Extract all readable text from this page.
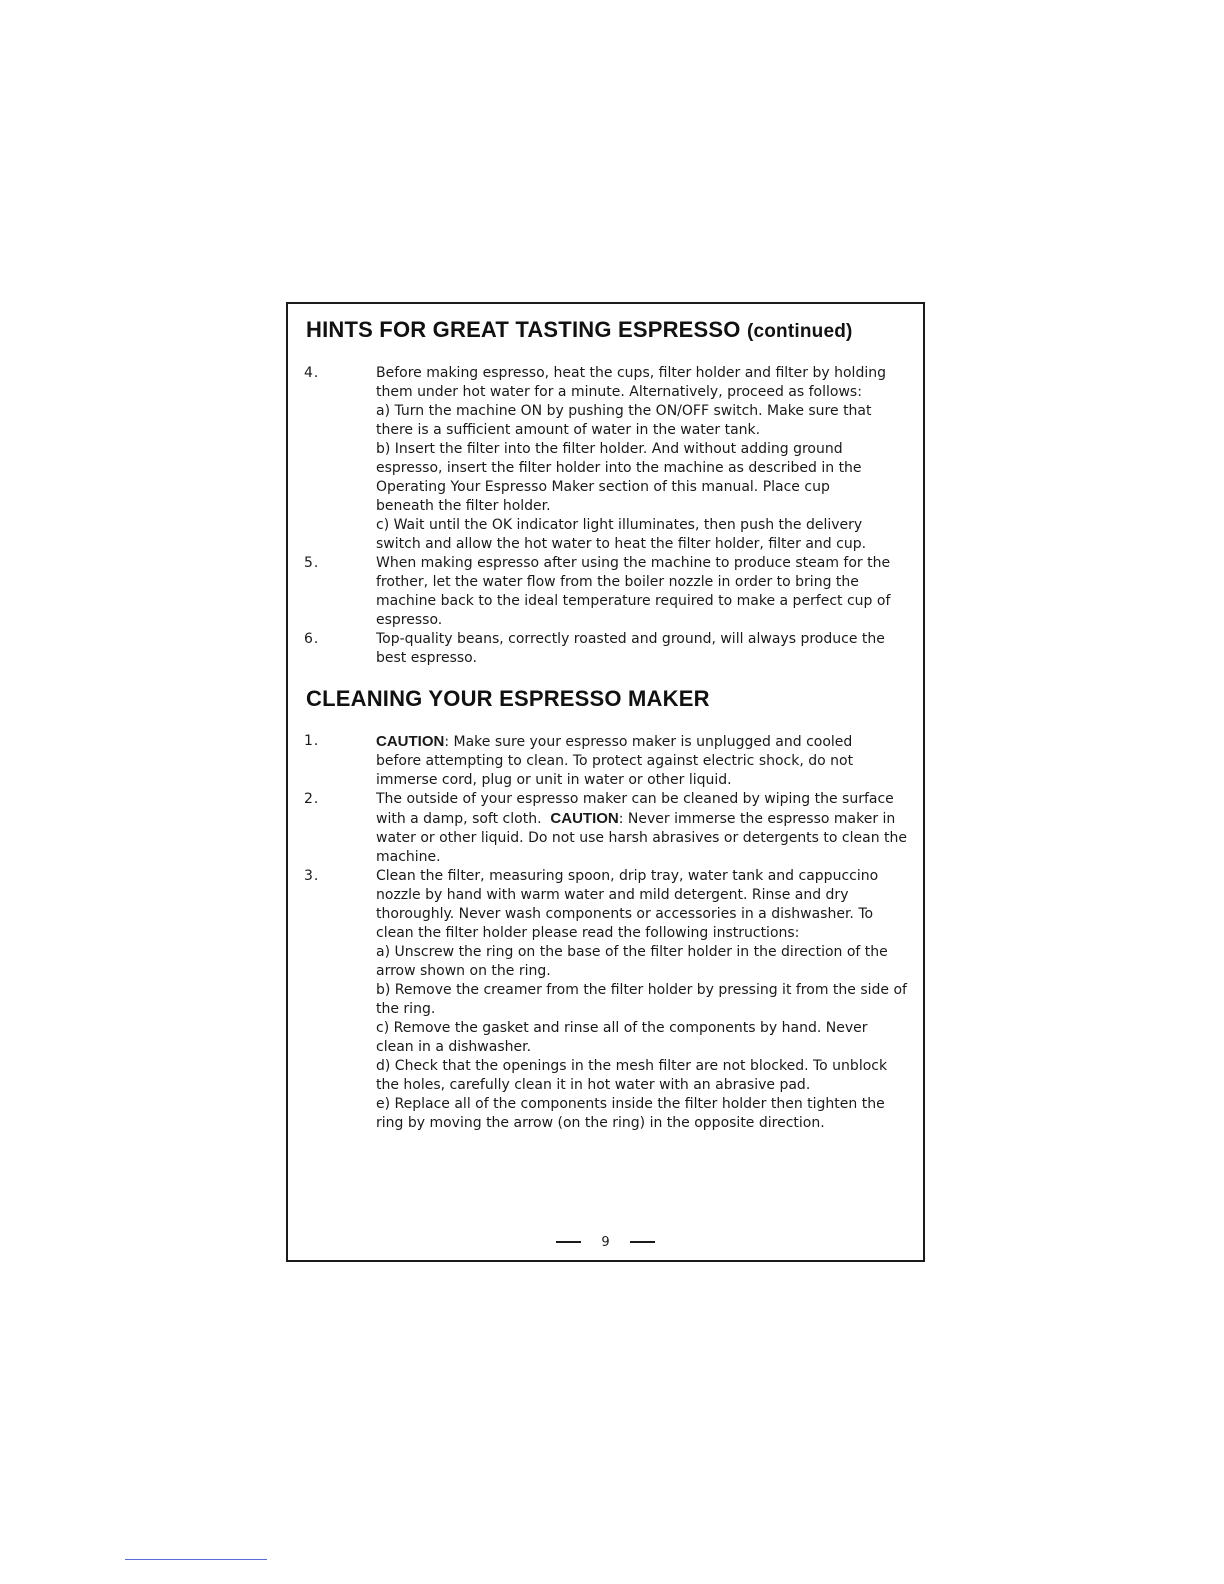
HINTS FOR GREAT TASTING ESPRESSO (continued)
4.	Before making espresso, heat the cups, filter holder and filter by holding
them under hot water for a minute. Alternatively, proceed as follows:
a) Turn the machine ON by pushing the ON/OFF switch. Make sure that
there is a sufficient amount of water in the water tank.
b) Insert the filter into the filter holder. And without adding ground
espresso, insert the filter holder into the machine as described in the
Operating Your Espresso Maker section of this manual. Place cup
beneath the filter holder.
c) Wait until the OK indicator light illuminates, then push the delivery
switch and allow the hot water to heat the filter holder, filter and cup.
5.	When making espresso after using the machine to produce steam for the
frother, let the water flow from the boiler nozzle in order to bring the
machine back to the ideal temperature required to make a perfect cup of
espresso.
6.	Top-quality beans, correctly roasted and ground, will always produce the
best espresso.
CLEANING YOUR ESPRESSO MAKER
1.	CAUTION: Make sure your espresso maker is unplugged and cooled
before attempting to clean. To protect against electric shock, do not
immerse cord, plug or unit in water or other liquid.
2.	The outside of your espresso maker can be cleaned by wiping the surface
with a damp, soft cloth.  CAUTION: Never immerse the espresso maker in
water or other liquid. Do not use harsh abrasives or detergents to clean the
machine.
3.	Clean the filter, measuring spoon, drip tray, water tank and cappuccino
nozzle by hand with warm water and mild detergent. Rinse and dry
thoroughly. Never wash components or accessories in a dishwasher. To
clean the filter holder please read the following instructions:
a) Unscrew the ring on the base of the filter holder in the direction of the
arrow shown on the ring.
b) Remove the creamer from the filter holder by pressing it from the side of
the ring.
c) Remove the gasket and rinse all of the components by hand. Never
clean in a dishwasher.
d) Check that the openings in the mesh filter are not blocked. To unblock
the holes, carefully clean it in hot water with an abrasive pad.
e) Replace all of the components inside the filter holder then tighten the
ring by moving the arrow (on the ring) in the opposite direction.
9
